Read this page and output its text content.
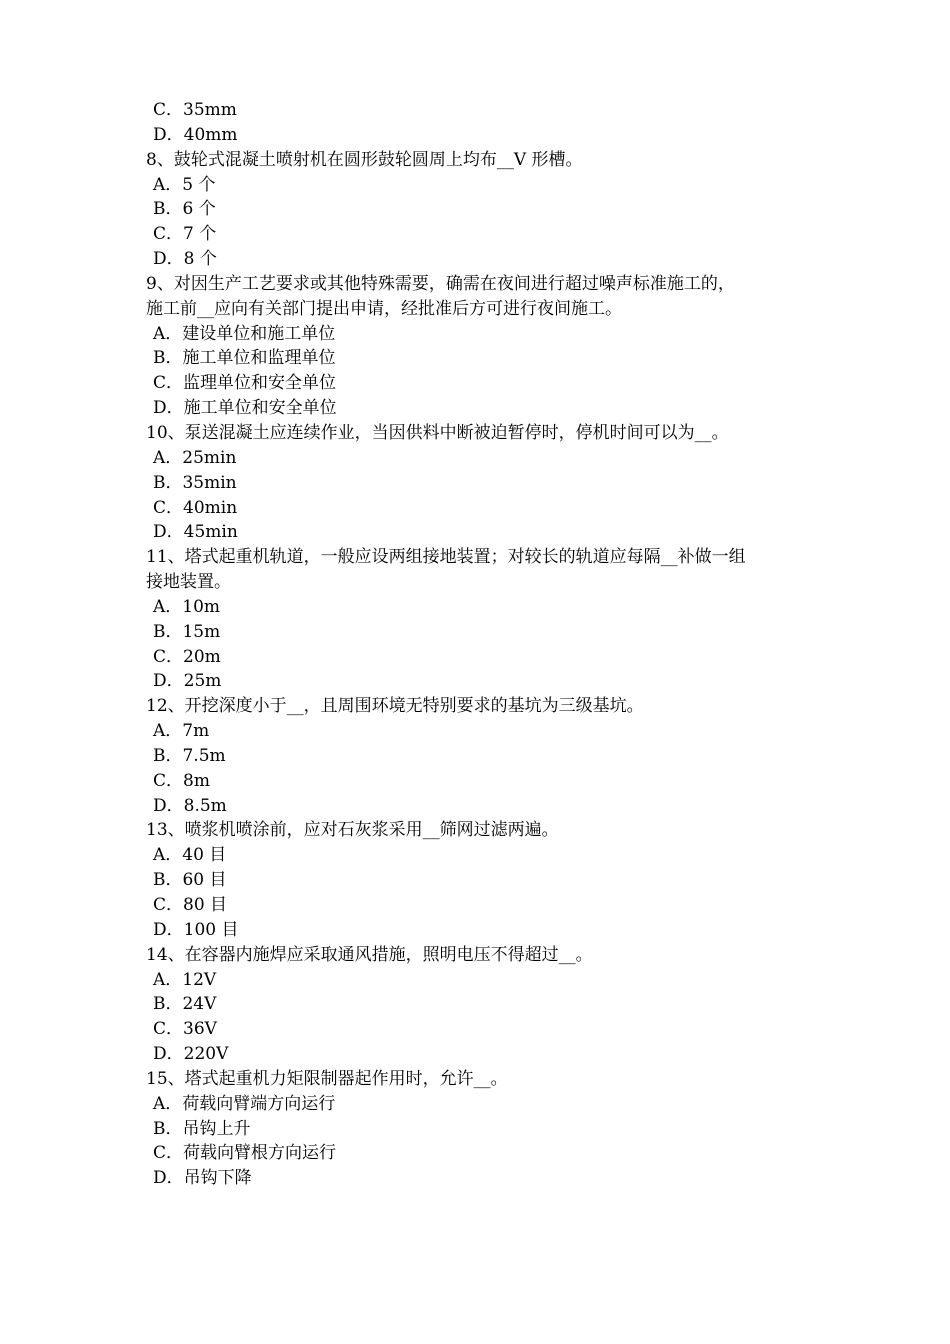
C．35mm
D．40mm
8、鼓轮式混凝土喷射机在圆形鼓轮圆周上均布__V 形槽。
A．5 个
B．6 个
C．7 个
D．8 个
9、对因生产工艺要求或其他特殊需要，确需在夜间进行超过噪声标准施工的，
施工前__应向有关部门提出申请，经批准后方可进行夜间施工。
A．建设单位和施工单位
B．施工单位和监理单位
C．监理单位和安全单位
D．施工单位和安全单位
10、泵送混凝土应连续作业，当因供料中断被迫暂停时，停机时间可以为__。
A．25min
B．35min
C．40min
D．45min
11、塔式起重机轨道，一般应设两组接地装置；对较长的轨道应每隔__补做一组
接地装置。
A．10m
B．15m
C．20m
D．25m
12、开挖深度小于__，且周围环境无特别要求的基坑为三级基坑。
A．7m
B．7.5m
C．8m
D．8.5m
13、喷浆机喷涂前，应对石灰浆采用__筛网过滤两遍。
A．40 目
B．60 目
C．80 目
D．100 目
14、在容器内施焊应采取通风措施，照明电压不得超过__。
A．12V
B．24V
C．36V
D．220V
15、塔式起重机力矩限制器起作用时，允许__。
A．荷载向臂端方向运行
B．吊钩上升
C．荷载向臂根方向运行
D．吊钩下降
